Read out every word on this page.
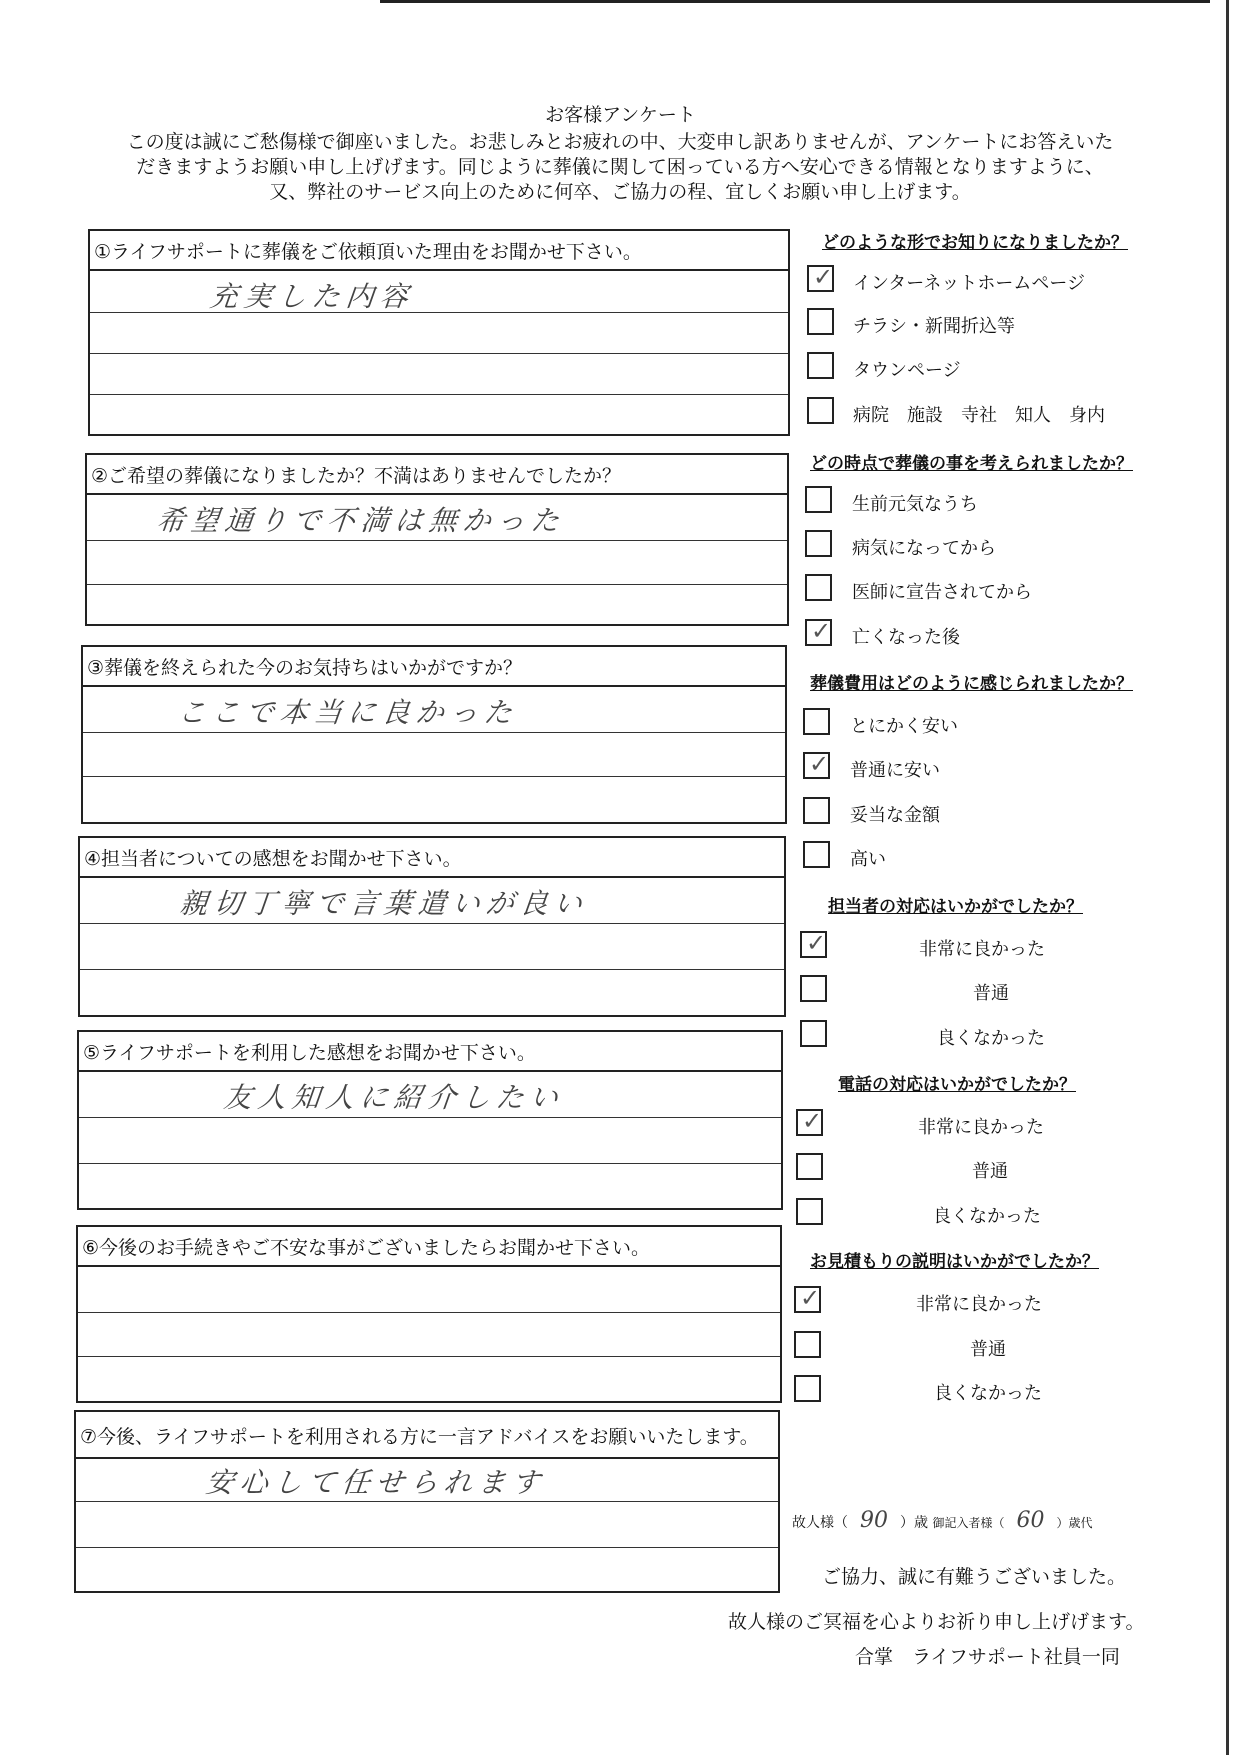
お客様アンケート
この度は誠にご愁傷様で御座いました。お悲しみとお疲れの中、大変申し訳ありませんが、アンケートにお答えいた
だきますようお願い申し上げげます。同じように葬儀に関して困っている方へ安心できる情報となりますように、
又、弊社のサービス向上のために何卒、ご協力の程、宜しくお願い申し上げます。
①ライフサポートに葬儀をご依頼頂いた理由をお聞かせ下さい。
充実した内容
②ご希望の葬儀になりましたか？不満はありませんでしたか？
希望通りで不満は無かった
③葬儀を終えられた今のお気持ちはいかがですか？
ここで本当に良かった
④担当者についての感想をお聞かせ下さい。
親切丁寧で言葉遣いが良い
⑤ライフサポートを利用した感想をお聞かせ下さい。
友人知人に紹介したい
⑥今後のお手続きやご不安な事がございましたらお聞かせ下さい。
⑦今後、ライフサポートを利用される方に一言アドバイスをお願いいたします。
安心して任せられます
どのような形でお知りになりましたか？
✓ インターネットホームページ
チラシ・新聞折込等
タウンページ
病院　施設　寺社　知人　身内
どの時点で葬儀の事を考えられましたか？
生前元気なうち
病気になってから
医師に宣告されてから
✓ 亡くなった後
葬儀費用はどのように感じられましたか？
とにかく安い
✓ 普通に安い
妥当な金額
高い
担当者の対応はいかがでしたか？
✓	非常に良かった
普通
良くなかった
電話の対応はいかがでしたか？
✓	非常に良かった
普通
良くなかった
お見積もりの説明はいかがでしたか？
✓	非常に良かった
普通
良くなかった
故人様（ 90 ）歳 御記入者様（ 60 ）歳代
ご協力、誠に有難うございました。
故人様のご冥福を心よりお祈り申し上げげます。
合掌　ライフサポート社員一同
